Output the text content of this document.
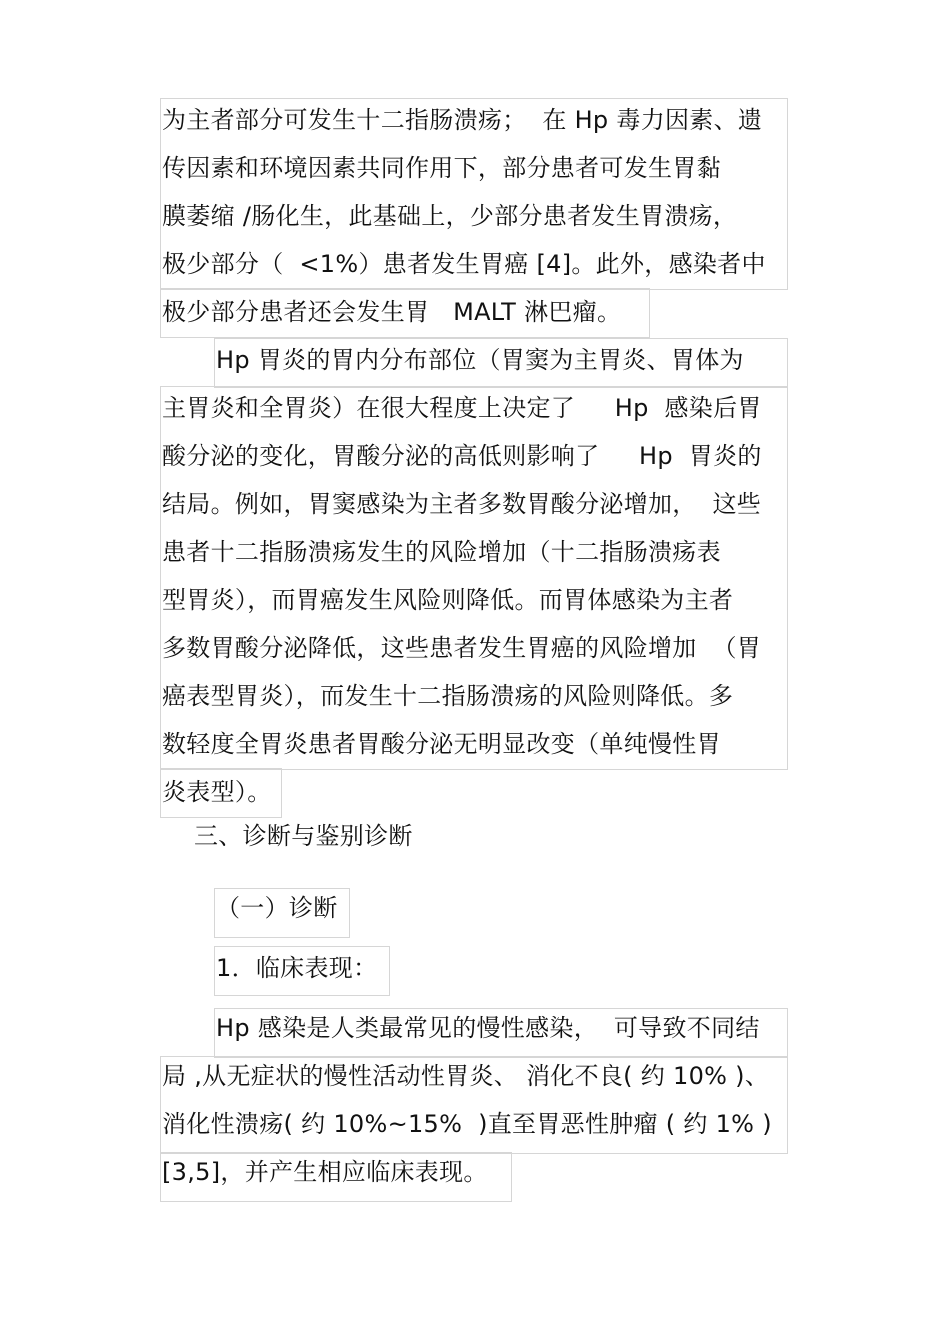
为主者部分可发生十二指肠溃疡；  在 Hp 毒力因素、遗
传因素和环境因素共同作用下，部分患者可发生胃黏
膜萎缩 /肠化生，此基础上，少部分患者发生胃溃疡，
极少部分（  <1%）患者发生胃癌 [4]。此外，感染者中
极少部分患者还会发生胃   MALT 淋巴瘤。
Hp 胃炎的胃内分布部位（胃窦为主胃炎、胃体为
主胃炎和全胃炎）在很大程度上决定了     Hp  感染后胃
酸分泌的变化，胃酸分泌的高低则影响了     Hp  胃炎的
结局。例如，胃窦感染为主者多数胃酸分泌增加，  这些
患者十二指肠溃疡发生的风险增加（十二指肠溃疡表
型胃炎），而胃癌发生风险则降低。而胃体感染为主者
多数胃酸分泌降低，这些患者发生胃癌的风险增加  （胃
癌表型胃炎），而发生十二指肠溃疡的风险则降低。多
数轻度全胃炎患者胃酸分泌无明显改变（单纯慢性胃
炎表型）。
三、诊断与鉴别诊断
（一）诊断
1．临床表现：
Hp 感染是人类最常见的慢性感染，  可导致不同结
局 ,从无症状的慢性活动性胃炎、 消化不良( 约 10% )、
消化性溃疡( 约 10%~15%  )直至胃恶性肿瘤 ( 约 1% )
[3,5]，并产生相应临床表现。
